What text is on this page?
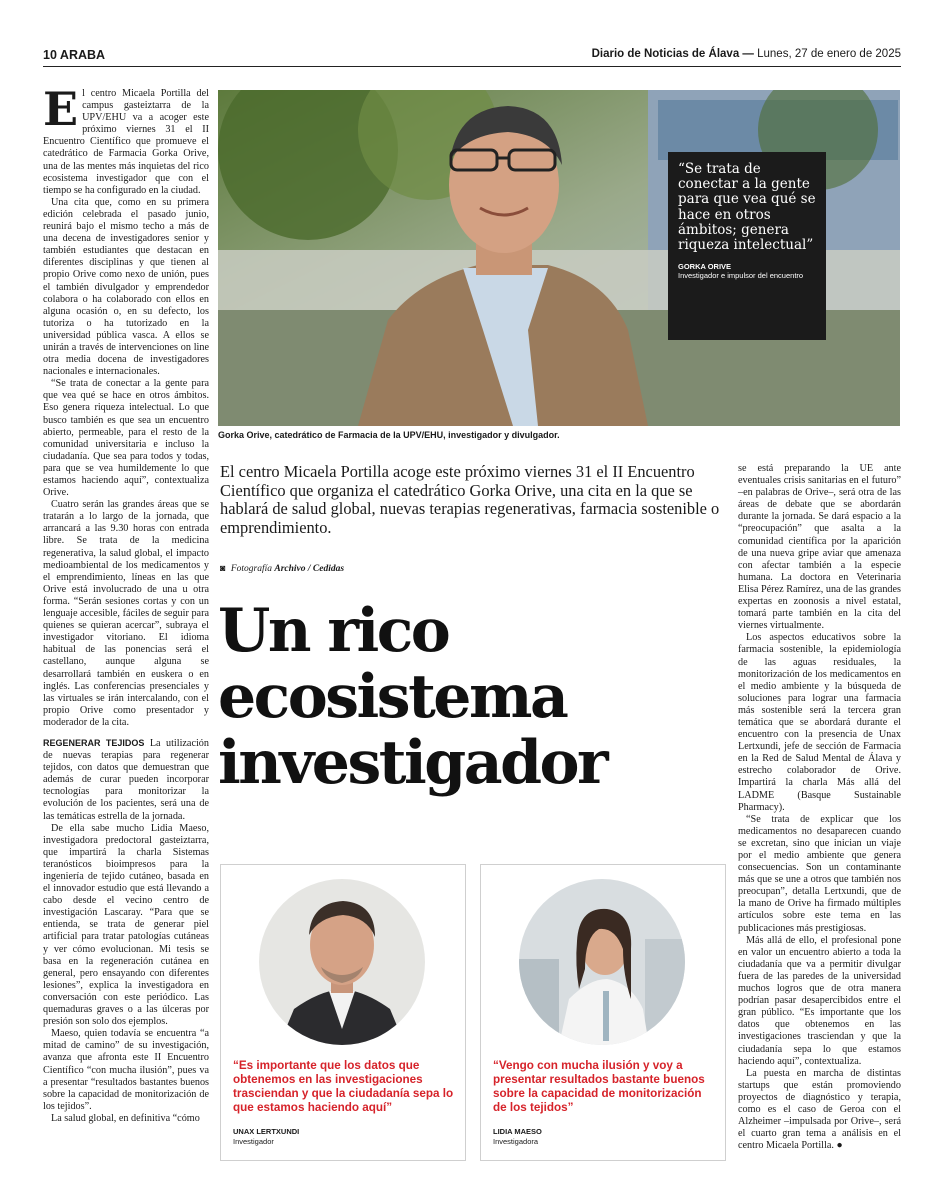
10 ARABA	Diario de Noticias de Álava — Lunes, 27 de enero de 2025

El centro Micaela Portilla del campus gasteiztarra de la UPV/EHU va a acoger este próximo viernes 31 el II Encuentro Científico que promueve el catedrático de Farmacia Gorka Orive, una de las mentes más inquietas del rico ecosistema investigador que con el tiempo se ha configurado en la ciudad.

Una cita que, como en su primera edición celebrada el pasado junio, reunirá bajo el mismo techo a más de una decena de investigadores senior y también estudiantes que destacan en diferentes disciplinas y que tienen al propio Orive como nexo de unión, pues el también divulgador y emprendedor colabora o ha colaborado con ellos en alguna ocasión o, en su defecto, los tutoriza o ha tutorizado en la universidad pública vasca. A ellos se unirán a través de intervenciones on line otra media docena de investigadores nacionales e internacionales.

“Se trata de conectar a la gente para que vea qué se hace en otros ámbitos. Eso genera riqueza intelectual. Lo que busco también es que sea un encuentro abierto, permeable, para el resto de la comunidad universitaria e incluso la ciudadanía. Que sea para todos y todas, para que se vea humildemente lo que estamos haciendo aquí”, contextualiza Orive.

Cuatro serán las grandes áreas que se tratarán a lo largo de la jornada, que arrancará a las 9.30 horas con entrada libre. Se trata de la medicina regenerativa, la salud global, el impacto medioambiental de los medicamentos y el emprendimiento, líneas en las que Orive está involucrado de una u otra forma. “Serán sesiones cortas y con un lenguaje accesible, fáciles de seguir para quienes se quieran acercar”, subraya el investigador vitoriano. El idioma habitual de las ponencias será el castellano, aunque alguna se desarrollará también en euskera o en inglés. Las conferencias presenciales y las virtuales se irán intercalando, con el propio Orive como presentador y moderador de la cita.

REGENERAR TEJIDOS La utilización de nuevas terapias para regenerar tejidos, con datos que demuestran que además de curar pueden incorporar tecnologías para monitorizar la evolución de los pacientes, será una de las temáticas estrella de la jornada.

De ella sabe mucho Lidia Maeso, investigadora predoctoral gasteiztarra, que impartirá la charla Sistemas teranósticos bioimpresos para la ingeniería de tejido cutáneo, basada en el innovador estudio que está llevando a cabo desde el vecino centro de investigación Lascaray. “Para que se entienda, se trata de generar piel artificial para tratar patologías cutáneas y ver cómo evolucionan. Mi tesis se basa en la regeneración cutánea en general, pero ensayando con diferentes lesiones”, explica la investigadora en conversación con este periódico. Las quemaduras graves o a las úlceras por presión son solo dos ejemplos.

Maeso, quien todavía se encuentra “a mitad de camino” de su investigación, avanza que afronta este II Encuentro Científico “con mucha ilusión”, pues va a presentar “resultados bastantes buenos sobre la capacidad de monitorización de los tejidos”.

La salud global, en definitiva “cómo

“Se trata de conectar a la gente para que vea qué se hace en otros ámbitos; genera riqueza intelectual”
GORKA ORIVE
Investigador e impulsor del encuentro
Gorka Orive, catedrático de Farmacia de la UPV/EHU, investigador y divulgador.
El centro Micaela Portilla acoge este próximo viernes 31 el II Encuentro Científico que organiza el catedrático Gorka Orive, una cita en la que se hablará de salud global, nuevas terapias regenerativas, farmacia sostenible o emprendimiento.
◙ Fotografía Archivo / Cedidas
Un rico ecosistema investigador

se está preparando la UE ante eventuales crisis sanitarias en el futuro” –en palabras de Orive–, será otra de las áreas de debate que se abordarán durante la jornada. Se dará espacio a la “preocupación” que asalta a la comunidad científica por la aparición de una nueva gripe aviar que amenaza con afectar también a la especie humana. La doctora en Veterinaria Elisa Pérez Ramírez, una de las grandes expertas en zoonosis a nivel estatal, tomará parte también en la cita del viernes virtualmente.

Los aspectos educativos sobre la farmacia sostenible, la epidemiología de las aguas residuales, la monitorización de los medicamentos en el medio ambiente y la búsqueda de soluciones para lograr una farmacia más sostenible será la tercera gran temática que se abordará durante el encuentro con la presencia de Unax Lertxundi, jefe de sección de Farmacia en la Red de Salud Mental de Álava y estrecho colaborador de Orive. Impartirá la charla Más allá del LADME (Basque Sustainable Pharmacy).

“Se trata de explicar que los medicamentos no desaparecen cuando se excretan, sino que inician un viaje por el medio ambiente que genera consecuencias. Son un contaminante más que se une a otros que también nos preocupan”, detalla Lertxundi, que de la mano de Orive ha firmado múltiples artículos sobre este tema en las publicaciones más prestigiosas.

Más allá de ello, el profesional pone en valor un encuentro abierto a toda la ciudadanía que va a permitir divulgar fuera de las paredes de la universidad muchos logros que de otra manera podrían pasar desapercibidos entre el gran público. “Es importante que los datos que obtenemos en las investigaciones trasciendan y que la ciudadanía sepa lo que estamos haciendo aquí”, contextualiza.

La puesta en marcha de distintas startups que están promoviendo proyectos de diagnóstico y terapia, como es el caso de Geroa con el Alzheimer –impulsada por Orive–, será el cuarto gran tema a análisis en el centro Micaela Portilla. ●

“Es importante que los datos que obtenemos en las investigaciones trasciendan y que la ciudadanía sepa lo que estamos haciendo aquí”
UNAX LERTXUNDI
Investigador
“Vengo con mucha ilusión y voy a presentar resultados bastante buenos sobre la capacidad de monitorización de los tejidos”
LIDIA MAESO
Investigadora
